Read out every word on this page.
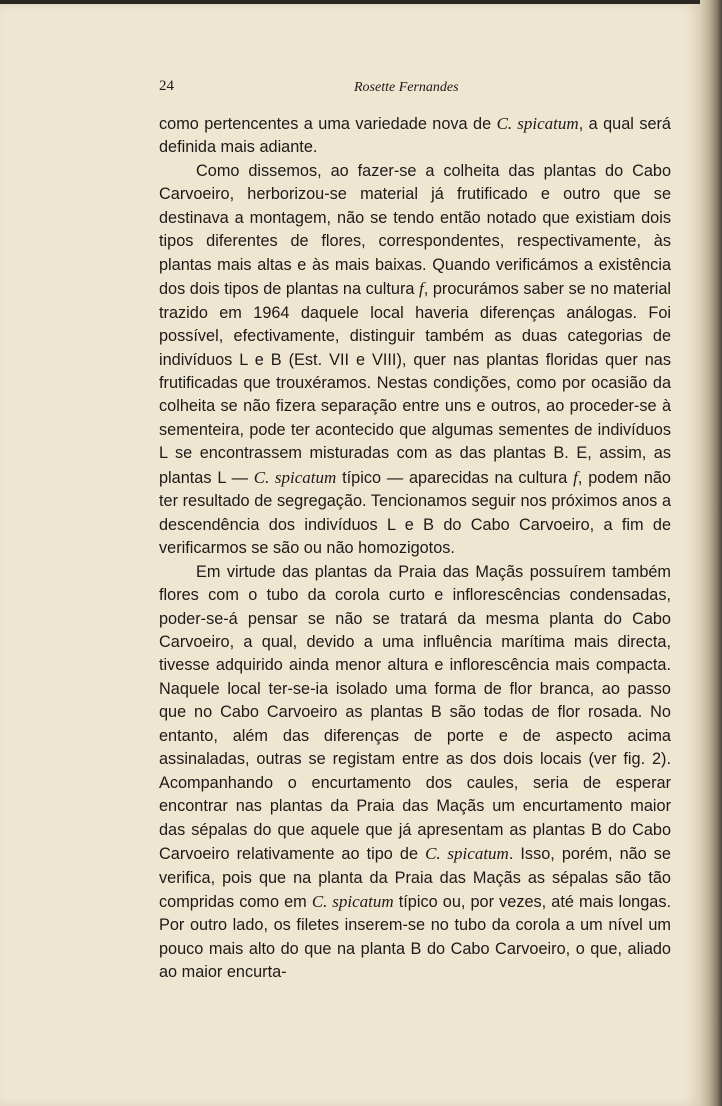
24	Rosette Fernandes

como pertencentes a uma variedade nova de C. spicatum, a qual será definida mais adiante.

Como dissemos, ao fazer-se a colheita das plantas do Cabo Carvoeiro, herborizou-se material já frutificado e outro que se destinava a montagem, não se tendo então notado que existiam dois tipos diferentes de flores, correspondentes, respectivamente, às plantas mais altas e às mais baixas. Quando verificámos a existência dos dois tipos de plantas na cultura f, procurámos saber se no material trazido em 1964 daquele local haveria diferenças análogas. Foi possível, efectivamente, distinguir também as duas categorias de indivíduos L e B (Est. VII e VIII), quer nas plantas floridas quer nas frutificadas que trouxéramos. Nestas condições, como por ocasião da colheita se não fizera separação entre uns e outros, ao proceder-se à sementeira, pode ter acontecido que algumas sementes de indivíduos L se encontrassem misturadas com as das plantas B. E, assim, as plantas L — C. spicatum típico — aparecidas na cultura f, podem não ter resultado de segregação. Tencionamos seguir nos próximos anos a descendência dos indivíduos L e B do Cabo Carvoeiro, a fim de verificarmos se são ou não homozigotos.

Em virtude das plantas da Praia das Maçãs possuírem também flores com o tubo da corola curto e inflorescências condensadas, poder-se-á pensar se não se tratará da mesma planta do Cabo Carvoeiro, a qual, devido a uma influência marítima mais directa, tivesse adquirido ainda menor altura e inflorescência mais compacta. Naquele local ter-se-ia isolado uma forma de flor branca, ao passo que no Cabo Carvoeiro as plantas B são todas de flor rosada. No entanto, além das diferenças de porte e de aspecto acima assinaladas, outras se registam entre as dos dois locais (ver fig. 2). Acompanhando o encurtamento dos caules, seria de esperar encontrar nas plantas da Praia das Maçãs um encurtamento maior das sépalas do que aquele que já apresentam as plantas B do Cabo Carvoeiro relativamente ao tipo de C. spicatum. Isso, porém, não se verifica, pois que na planta da Praia das Maçãs as sépalas são tão compridas como em C. spicatum típico ou, por vezes, até mais longas. Por outro lado, os filetes inserem-se no tubo da corola a um nível um pouco mais alto do que na planta B do Cabo Carvoeiro, o que, aliado ao maior encurta-
